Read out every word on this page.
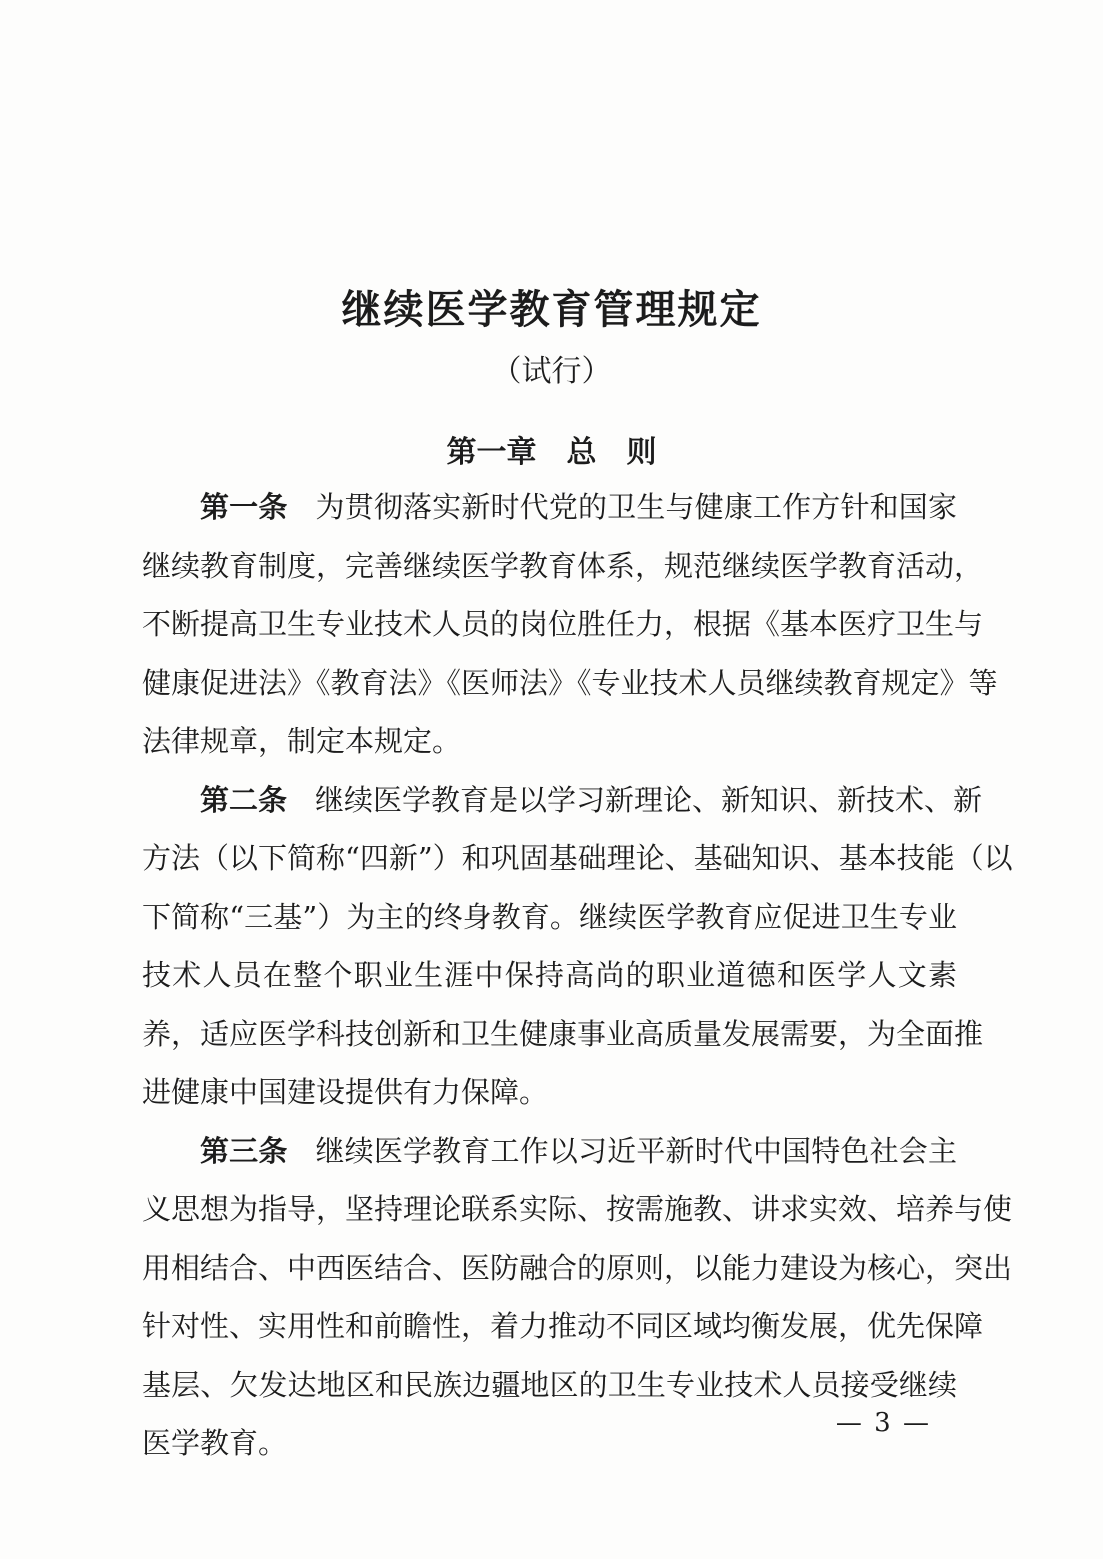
继续医学教育管理规定
（试行）
第一章　总　则
第一条 为贯彻落实新时代党的卫生与健康工作方针和国家
继续教育制度，完善继续医学教育体系，规范继续医学教育活动，
不断提高卫生专业技术人员的岗位胜任力，根据《基本医疗卫生与
健康促进法》《教育法》《医师法》《专业技术人员继续教育规定》等
法律规章，制定本规定。
第二条 继续医学教育是以学习新理论、新知识、新技术、新
方法（以下简称“四新”）和巩固基础理论、基础知识、基本技能（以
下简称“三基”）为主的终身教育。继续医学教育应促进卫生专业
技术人员在整个职业生涯中保持高尚的职业道德和医学人文素
养，适应医学科技创新和卫生健康事业高质量发展需要，为全面推
进健康中国建设提供有力保障。
第三条 继续医学教育工作以习近平新时代中国特色社会主
义思想为指导，坚持理论联系实际、按需施教、讲求实效、培养与使
用相结合、中西医结合、医防融合的原则，以能力建设为核心，突出
针对性、实用性和前瞻性，着力推动不同区域均衡发展，优先保障
基层、欠发达地区和民族边疆地区的卫生专业技术人员接受继续
医学教育。
— 3 —
